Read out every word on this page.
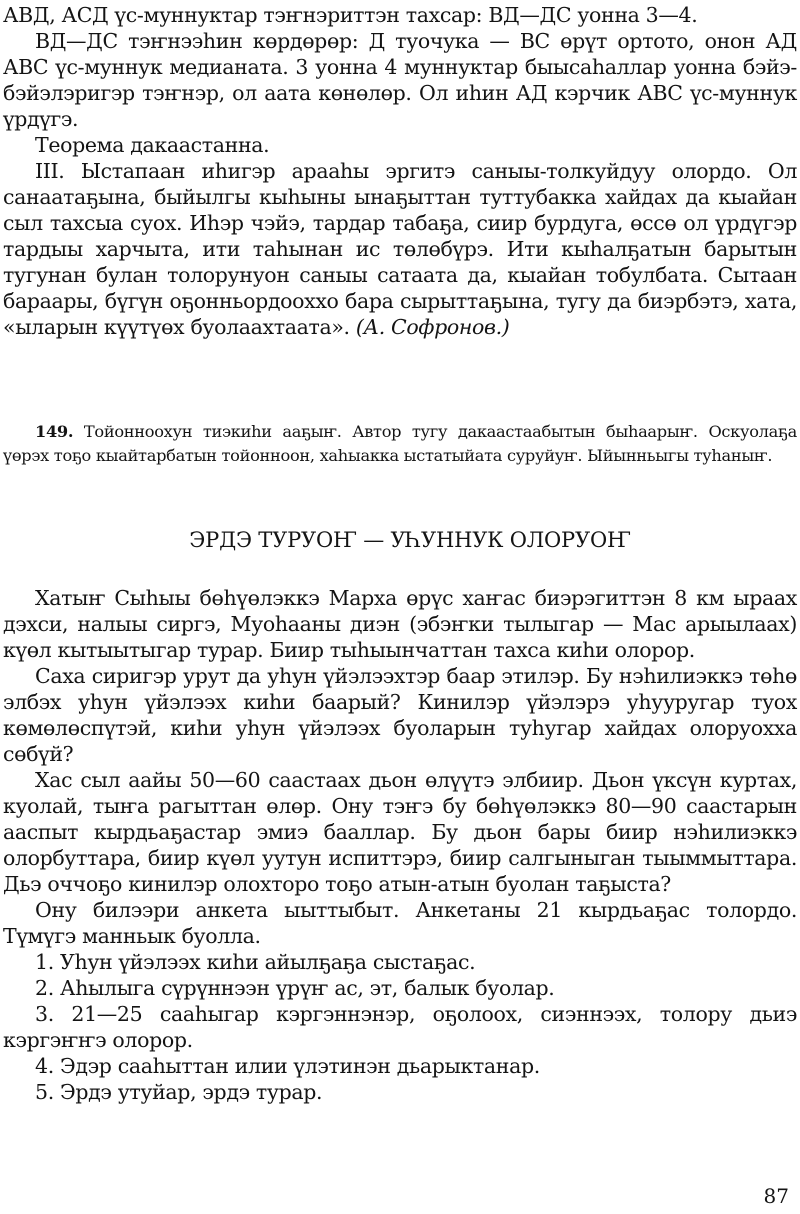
АВД, АСД үс-муннуктар тэҥнэриттэн тахсар: ВД—ДС уонна 3—4.

ВД—ДС тэҥнээһин көрдөрөр: Д туочука — ВС өрүт ортото, онон АД АВС үс-муннук медианата. 3 уонна 4 муннуктар быысаһаллар уонна бэйэ-бэйэлэригэр тэҥнэр, ол аата көнөлөр. Ол иһин АД кэрчик АВС үс-муннук үрдүгэ.

Теорема дакаастанна.

III. Ыстапаан иһигэр арааһы эргитэ саныы-толкуйдуу олордо. Ол санаатаҕына, быйылгы кыһыны ынаҕыттан туттубакка хайдах да кыайан сыл тахсыа суох. Иһэр чэйэ, тардар табаҕа, сиир бурдуга, өссө ол үрдүгэр тардыы харчыта, ити таһынан ис төлөбүрэ. Ити кыһалҕатын барытын тугунан булан толорунуон саныы сатаата да, кыайан тобулбата. Сытаан бараары, бүгүн оҕонньордоохxо бара сырыттаҕына, тугу да биэрбэтэ, хата, «ыларын күүтүөх буолаахтаата». (А. Софронов.)

149. Тойонноохун тиэкиһи ааҕыҥ. Автор тугу дакаастаабытын быһаарыҥ. Оскуолаҕа үөрэх тоҕо кыайтарбатын тойонноон, хаһыакка ыстатыйата суруйуҥ. Ыйынньыгы туһаныҥ.

ЭРДЭ ТУРУОҤ — УҺУННУК ОЛОРУОҤ

Хатыҥ Сыһыы бөһүөлэккэ Марха өрүс хаҥас биэрэгиттэн 8 км ыраах дэхси, налыы сиргэ, Муоһааны диэн (эбэҥки тылыгар — Мас арыылаах) күөл кытыытыгар турар. Биир тыһыынчаттан тахса киһи олорор.

Саха сиригэр урут да уһун үйэлээхтэр баар этилэр. Бу нэһилиэккэ төһө элбэх уһун үйэлээх киһи баарый? Кинилэр үйэлэрэ уһууругар туох көмөлөспүтэй, киһи уһун үйэлээх буоларын туһугар хайдах олоруохха сөбүй?

Хас сыл аайы 50—60 саастаах дьон өлүүтэ элбиир. Дьон үксүн куртах, куолай, тыҥа рагыттан өлөр. Ону тэҥэ бу бөһүөлэккэ 80—90 саастарын ааспыт кырдьаҕастар эмиэ бааллар. Бу дьон бары биир нэһилиэккэ олорбуттара, биир күөл уутун испиттэрэ, биир салгыныган тыыммыттара. Дьэ оччоҕо кинилэр олохторо тоҕо атын-атын буолан таҕыста?

Ону билээри анкета ыыттыбыт. Анкетаны 21 кырдьаҕас толордо. Түмүгэ манньык буолла.

1. Уһун үйэлээх киһи айылҕаҕа сыстаҕас.

2. Аһылыга сүрүннээн үрүҥ ас, эт, балык буолар.

3. 21—25 сааһыгар кэргэннэнэр, оҕолоох, сиэннээх, толору дьиэ кэргэҥҥэ олорор.

4. Эдэр сааһыттан илии үлэтинэн дьарыктанар.

5. Эрдэ утуйар, эрдэ турар.

87
